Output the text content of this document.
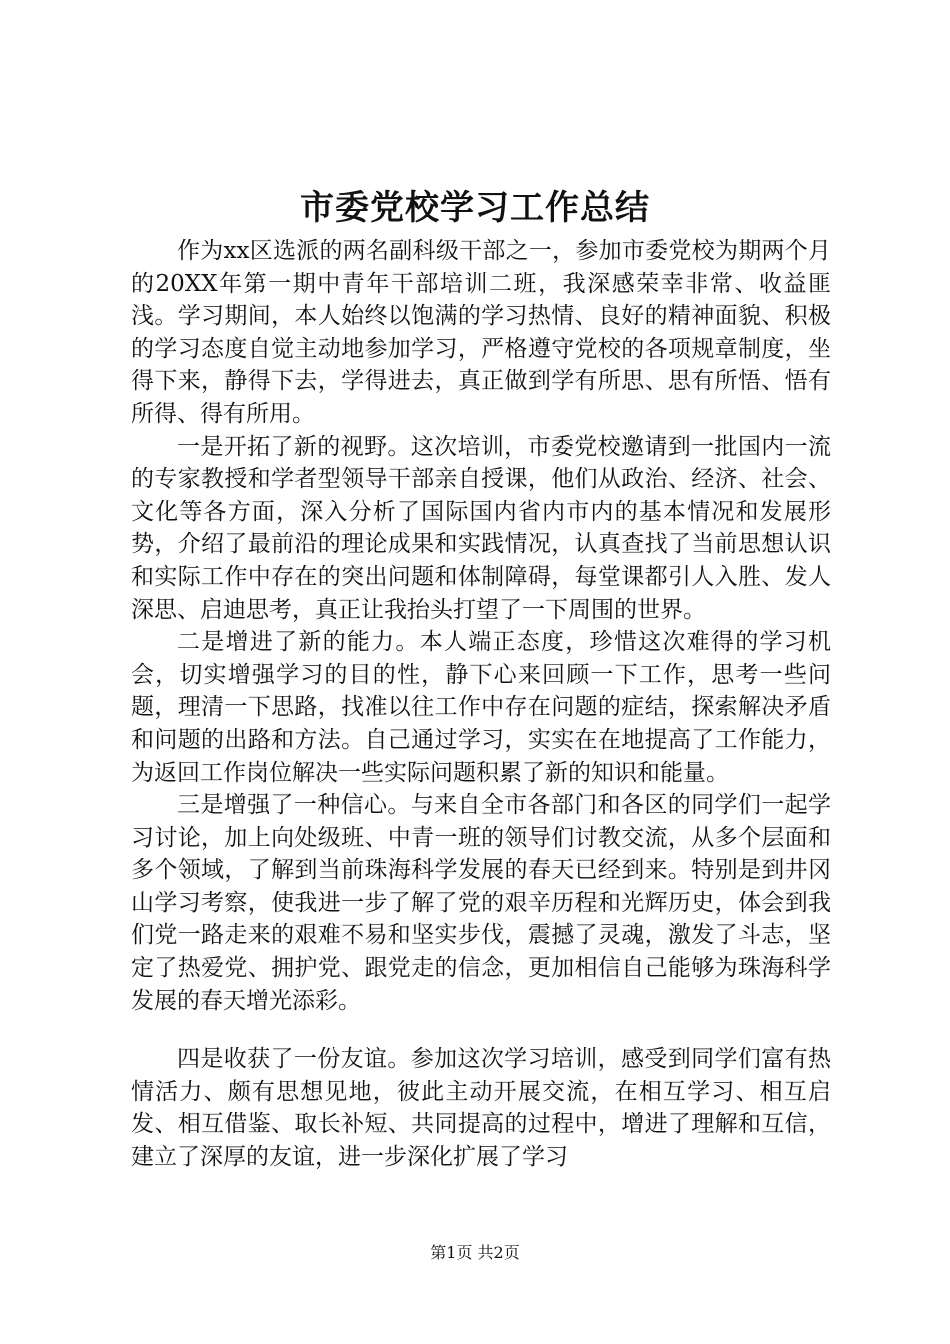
市委党校学习工作总结

作为xx区选派的两名副科级干部之一，参加市委党校为期两个月的20XX年第一期中青年干部培训二班，我深感荣幸非常、收益匪浅。学习期间，本人始终以饱满的学习热情、良好的精神面貌、积极的学习态度自觉主动地参加学习，严格遵守党校的各项规章制度，坐得下来，静得下去，学得进去，真正做到学有所思、思有所悟、悟有所得、得有所用。

一是开拓了新的视野。这次培训，市委党校邀请到一批国内一流的专家教授和学者型领导干部亲自授课，他们从政治、经济、社会、文化等各方面，深入分析了国际国内省内市内的基本情况和发展形势，介绍了最前沿的理论成果和实践情况，认真查找了当前思想认识和实际工作中存在的突出问题和体制障碍，每堂课都引人入胜、发人深思、启迪思考，真正让我抬头打望了一下周围的世界。

二是增进了新的能力。本人端正态度，珍惜这次难得的学习机会，切实增强学习的目的性，静下心来回顾一下工作，思考一些问题，理清一下思路，找准以往工作中存在问题的症结，探索解决矛盾和问题的出路和方法。自己通过学习，实实在在地提高了工作能力，为返回工作岗位解决一些实际问题积累了新的知识和能量。

三是增强了一种信心。与来自全市各部门和各区的同学们一起学习讨论，加上向处级班、中青一班的领导们讨教交流，从多个层面和多个领域，了解到当前珠海科学发展的春天已经到来。特别是到井冈山学习考察，使我进一步了解了党的艰辛历程和光辉历史，体会到我们党一路走来的艰难不易和坚实步伐，震撼了灵魂，激发了斗志，坚定了热爱党、拥护党、跟党走的信念，更加相信自己能够为珠海科学发展的春天增光添彩。

四是收获了一份友谊。参加这次学习培训，感受到同学们富有热情活力、颇有思想见地，彼此主动开展交流，在相互学习、相互启发、相互借鉴、取长补短、共同提高的过程中，增进了理解和互信，建立了深厚的友谊，进一步深化扩展了学习

第1页 共2页
